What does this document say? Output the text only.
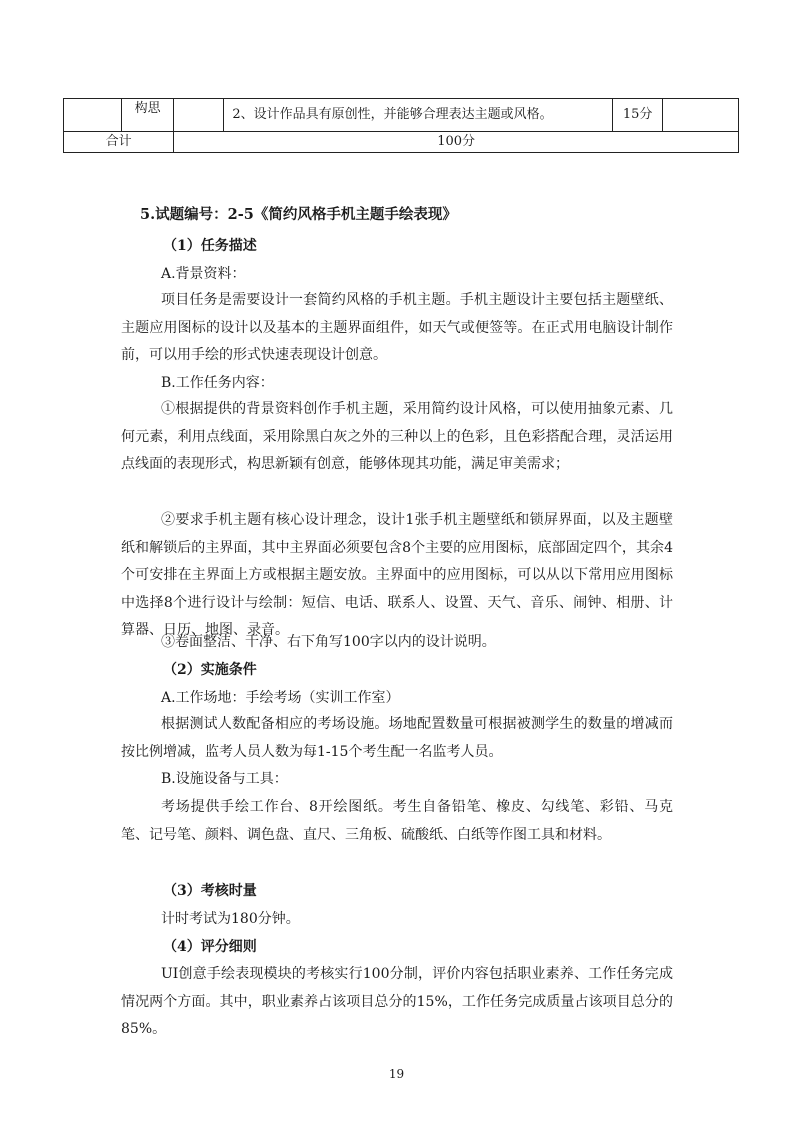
	构思		2、设计作品具有原创性，并能够合理表达主题或风格。	15分	
合计		100分			
5.试题编号：2-5《简约风格手机主题手绘表现》
（1）任务描述
A.背景资料：
项目任务是需要设计一套简约风格的手机主题。手机主题设计主要包括主题壁纸、主题应用图标的设计以及基本的主题界面组件，如天气或便签等。在正式用电脑设计制作前，可以用手绘的形式快速表现设计创意。
B.工作任务内容：
①根据提供的背景资料创作手机主题，采用简约设计风格，可以使用抽象元素、几何元素，利用点线面，采用除黑白灰之外的三种以上的色彩，且色彩搭配合理，灵活运用点线面的表现形式，构思新颖有创意，能够体现其功能，满足审美需求；
②要求手机主题有核心设计理念，设计1张手机主题壁纸和锁屏界面，以及主题壁纸和解锁后的主界面，其中主界面必须要包含8个主要的应用图标，底部固定四个，其余4个可安排在主界面上方或根据主题安放。主界面中的应用图标，可以从以下常用应用图标中选择8个进行设计与绘制：短信、电话、联系人、设置、天气、音乐、闹钟、相册、计算器、日历、地图、录音。
③卷面整洁、干净、右下角写100字以内的设计说明。
（2）实施条件
A.工作场地：手绘考场（实训工作室）
根据测试人数配备相应的考场设施。场地配置数量可根据被测学生的数量的增减而按比例增减，监考人员人数为每1-15个考生配一名监考人员。
B.设施设备与工具：
考场提供手绘工作台、8开绘图纸。考生自备铅笔、橡皮、勾线笔、彩铅、马克笔、记号笔、颜料、调色盘、直尺、三角板、硫酸纸、白纸等作图工具和材料。
（3）考核时量
计时考试为180分钟。
（4）评分细则
UI创意手绘表现模块的考核实行100分制，评价内容包括职业素养、工作任务完成情况两个方面。其中，职业素养占该项目总分的15%，工作任务完成质量占该项目总分的85%。
19
